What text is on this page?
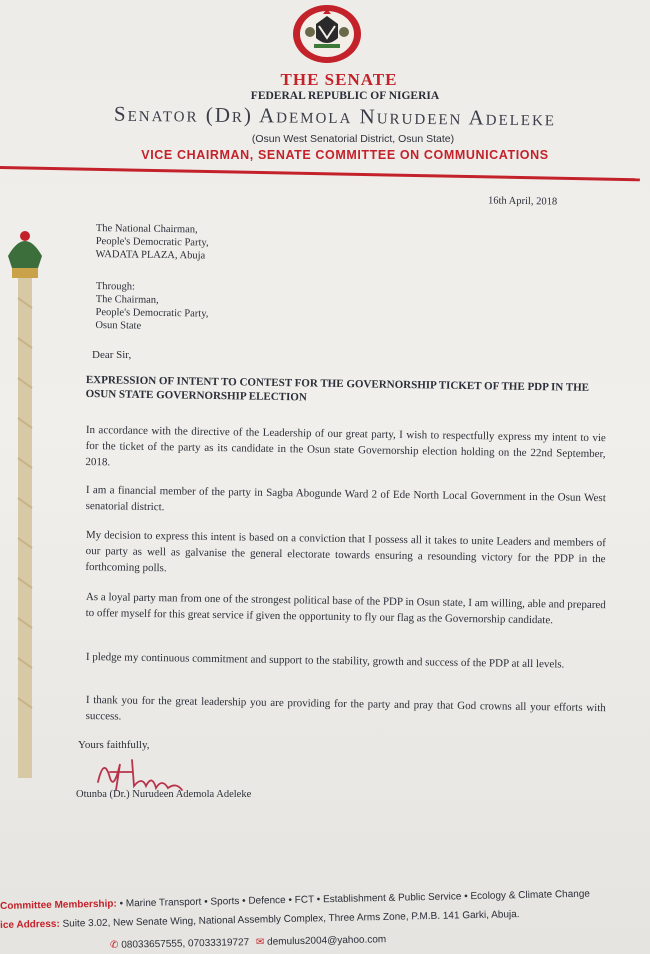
THE SENATE
FEDERAL REPUBLIC OF NIGERIA
Senator (Dr) Ademola Nurudeen Adeleke
(Osun West Senatorial District, Osun State)
VICE CHAIRMAN, SENATE COMMITTEE ON COMMUNICATIONS
16th April, 2018
The National Chairman,
People's Democratic Party,
WADATA PLAZA, Abuja
Through:
The Chairman,
People's Democratic Party,
Osun State
Dear Sir,
EXPRESSION OF INTENT TO CONTEST FOR THE GOVERNORSHIP TICKET OF THE PDP IN THE OSUN STATE GOVERNORSHIP ELECTION
In accordance with the directive of the Leadership of our great party, I wish to respectfully express my intent to vie for the ticket of the party as its candidate in the Osun state Governorship election holding on the 22nd September, 2018.
I am a financial member of the party in Sagba Abogunde Ward 2 of Ede North Local Government in the Osun West senatorial district.
My decision to express this intent is based on a conviction that I possess all it takes to unite Leaders and members of our party as well as galvanise the general electorate towards ensuring a resounding victory for the PDP in the forthcoming polls.
As a loyal party man from one of the strongest political base of the PDP in Osun state, I am willing, able and prepared to offer myself for this great service if given the opportunity to fly our flag as the Governorship candidate.
I pledge my continuous commitment and support to the stability, growth and success of the PDP at all levels.
I thank you for the great leadership you are providing for the party and pray that God crowns all your efforts with success.
Yours faithfully,
Otunba (Dr.) Nurudeen Ademola Adeleke
Committee Membership: • Marine Transport • Sports • Defence • FCT • Establishment & Public Service • Ecology & Climate Change
ice Address: Suite 3.02, New Senate Wing, National Assembly Complex, Three Arms Zone, P.M.B. 141 Garki, Abuja.
✆ 08033657555, 07033319727 ✉ demulus2004@yahoo.com
